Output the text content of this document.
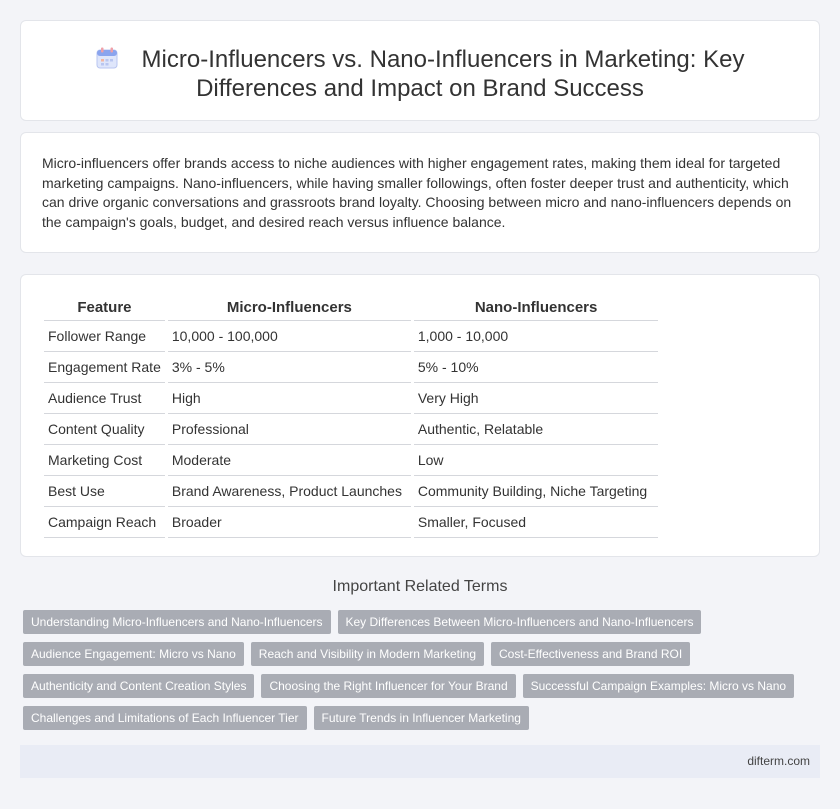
Micro-Influencers vs. Nano-Influencers in Marketing: Key
Differences and Impact on Brand Success

Micro-influencers offer brands access to niche audiences with higher engagement rates, making them ideal for targeted marketing campaigns. Nano-influencers, while having smaller followings, often foster deeper trust and authenticity, which can drive organic conversations and grassroots brand loyalty. Choosing between micro and nano-influencers depends on the campaign's goals, budget, and desired reach versus influence balance.

Feature	Micro-Influencers	Nano-Influencers
Follower Range	10,000 - 100,000	1,000 - 10,000
Engagement Rate	3% - 5%	5% - 10%
Audience Trust	High	Very High
Content Quality	Professional	Authentic, Relatable
Marketing Cost	Moderate	Low
Best Use	Brand Awareness, Product Launches	Community Building, Niche Targeting
Campaign Reach	Broader	Smaller, Focused
Important Related Terms
Understanding Micro-Influencers and Nano-Influencers	Key Differences Between Micro-Influencers and Nano-Influencers
Audience Engagement: Micro vs Nano	Reach and Visibility in Modern Marketing	Cost-Effectiveness and Brand ROI
Authenticity and Content Creation Styles	Choosing the Right Influencer for Your Brand	Successful Campaign Examples: Micro vs Nano
Challenges and Limitations of Each Influencer Tier	Future Trends in Influencer Marketing
difterm.com
